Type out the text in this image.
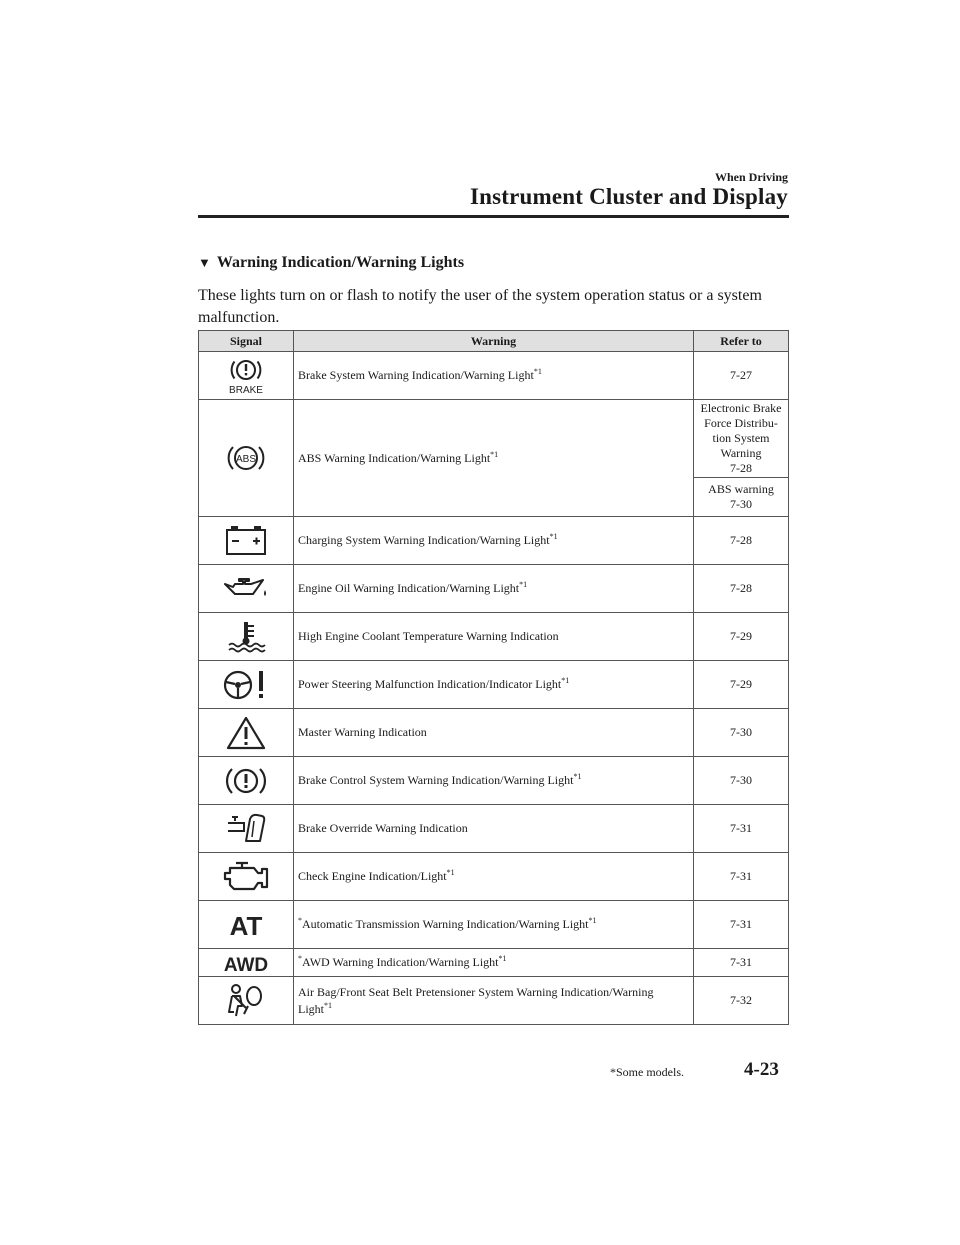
When Driving
Instrument Cluster and Display
▼ Warning Indication/Warning Lights
These lights turn on or flash to notify the user of the system operation status or a system malfunction.
Signal	Warning	Refer to

BRAKE	Brake System Warning Indication/Warning Light$^{*1}$	7-27

ABS	ABS Warning Indication/Warning Light$^{*1}$	Electronic Brake
Force Distribu-
tion System
Warning
7-28

		ABS warning
7-30

	Charging System Warning Indication/Warning Light$^{*1}$	7-28

	Engine Oil Warning Indication/Warning Light$^{*1}$	7-28

	High Engine Coolant Temperature Warning Indication	7-29

	Power Steering Malfunction Indication/Indicator Light$^{*1}$	7-29

	Master Warning Indication	7-30

	Brake Control System Warning Indication/Warning Light$^{*1}$	7-30

	Brake Override Warning Indication	7-31

	Check Engine Indication/Light$^{*1}$	7-31

AT	*Automatic Transmission Warning Indication/Warning Light$^{*1}$	7-31

AWD	*AWD Warning Indication/Warning Light$^{*1}$	7-31

	Air Bag/Front Seat Belt Pretensioner System Warning Indication/Warning Light$^{*1}$	7-32
*Some models.	4-23
